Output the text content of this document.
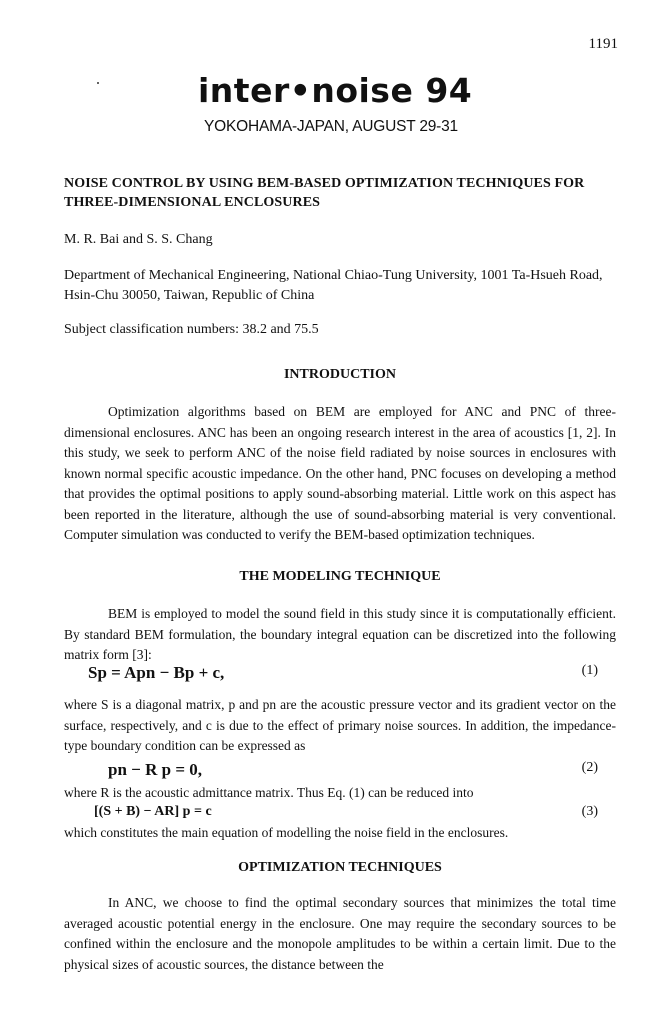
1191
inter•noise 94
YOKOHAMA-JAPAN, AUGUST 29-31
NOISE CONTROL BY USING BEM-BASED OPTIMIZATION TECHNIQUES FOR THREE-DIMENSIONAL ENCLOSURES
M. R. Bai and S. S. Chang
Department of Mechanical Engineering, National Chiao-Tung University, 1001 Ta-Hsueh Road, Hsin-Chu 30050, Taiwan, Republic of China
Subject classification numbers: 38.2 and 75.5
INTRODUCTION
Optimization algorithms based on BEM are employed for ANC and PNC of three-dimensional enclosures. ANC has been an ongoing research interest in the area of acoustics [1, 2]. In this study, we seek to perform ANC of the noise field radiated by noise sources in enclosures with known normal specific acoustic impedance. On the other hand, PNC focuses on developing a method that provides the optimal positions to apply sound-absorbing material. Little work on this aspect has been reported in the literature, although the use of sound-absorbing material is very conventional. Computer simulation was conducted to verify the BEM-based optimization techniques.
THE MODELING TECHNIQUE
BEM is employed to model the sound field in this study since it is computationally efficient. By standard BEM formulation, the boundary integral equation can be discretized into the following matrix form [3]:
Sp = Apn − Bp + c,	(1)
where S is a diagonal matrix, p and pn are the acoustic pressure vector and its gradient vector on the surface, respectively, and c is due to the effect of primary noise sources. In addition, the impedance-type boundary condition can be expressed as
pn − R p = 0,	(2)
where R is the acoustic admittance matrix. Thus Eq. (1) can be reduced into
[(S + B) − AR] p = c	(3)
which constitutes the main equation of modelling the noise field in the enclosures.
OPTIMIZATION TECHNIQUES
In ANC, we choose to find the optimal secondary sources that minimizes the total time averaged acoustic potential energy in the enclosure. One may require the secondary sources to be confined within the enclosure and the monopole amplitudes to be within a certain limit. Due to the physical sizes of acoustic sources, the distance between the
